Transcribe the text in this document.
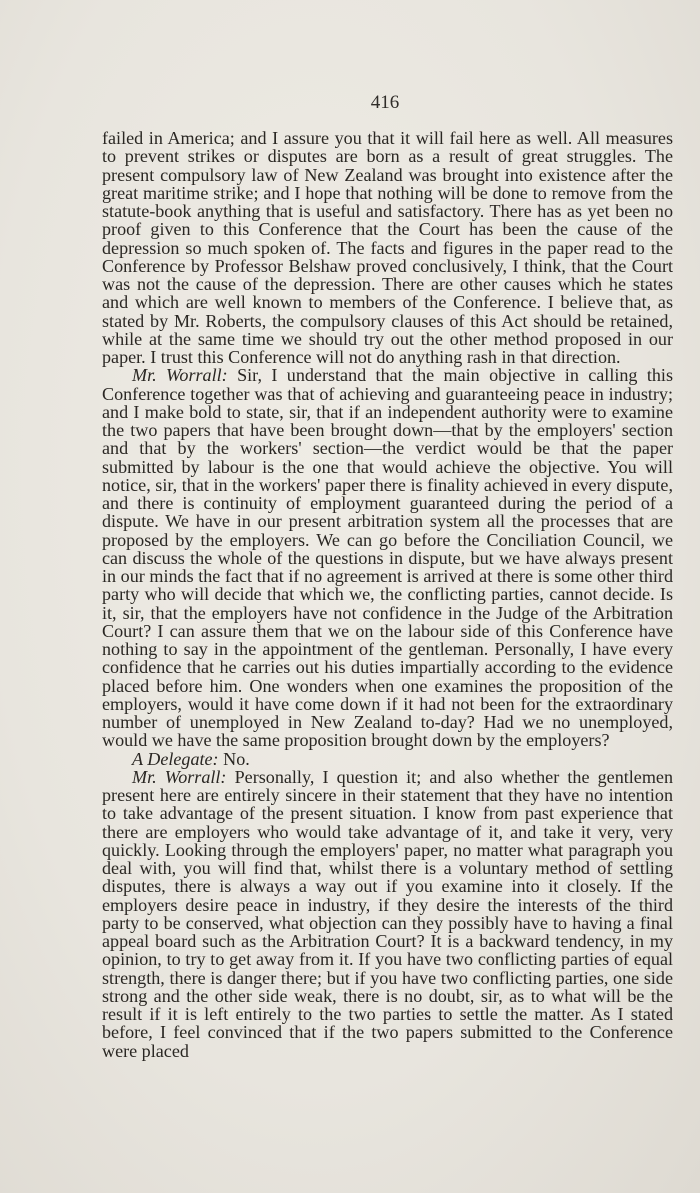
416

failed in America; and I assure you that it will fail here as well. All measures to prevent strikes or disputes are born as a result of great struggles. The present compulsory law of New Zealand was brought into existence after the great maritime strike; and I hope that nothing will be done to remove from the statute-book anything that is useful and satisfactory. There has as yet been no proof given to this Conference that the Court has been the cause of the depression so much spoken of. The facts and figures in the paper read to the Conference by Professor Belshaw proved conclusively, I think, that the Court was not the cause of the depression. There are other causes which he states and which are well known to members of the Conference. I believe that, as stated by Mr. Roberts, the compulsory clauses of this Act should be retained, while at the same time we should try out the other method proposed in our paper. I trust this Conference will not do anything rash in that direction.

Mr. Worrall: Sir, I understand that the main objective in calling this Conference together was that of achieving and guaranteeing peace in industry; and I make bold to state, sir, that if an independent authority were to examine the two papers that have been brought down—that by the employers' section and that by the workers' section—the verdict would be that the paper submitted by labour is the one that would achieve the objective. You will notice, sir, that in the workers' paper there is finality achieved in every dispute, and there is continuity of employment guaranteed during the period of a dispute. We have in our present arbitration system all the processes that are proposed by the employers. We can go before the Conciliation Council, we can discuss the whole of the questions in dispute, but we have always present in our minds the fact that if no agreement is arrived at there is some other third party who will decide that which we, the conflicting parties, cannot decide. Is it, sir, that the employers have not confidence in the Judge of the Arbitration Court? I can assure them that we on the labour side of this Conference have nothing to say in the appointment of the gentleman. Personally, I have every confidence that he carries out his duties impartially according to the evidence placed before him. One wonders when one examines the proposition of the employers, would it have come down if it had not been for the extraordinary number of unemployed in New Zealand to-day? Had we no unemployed, would we have the same proposition brought down by the employers?

A Delegate: No.

Mr. Worrall: Personally, I question it; and also whether the gentlemen present here are entirely sincere in their statement that they have no intention to take advantage of the present situation. I know from past experience that there are employers who would take advantage of it, and take it very, very quickly. Looking through the employers' paper, no matter what paragraph you deal with, you will find that, whilst there is a voluntary method of settling disputes, there is always a way out if you examine into it closely. If the employers desire peace in industry, if they desire the interests of the third party to be conserved, what objection can they possibly have to having a final appeal board such as the Arbitration Court? It is a backward tendency, in my opinion, to try to get away from it. If you have two conflicting parties of equal strength, there is danger there; but if you have two conflicting parties, one side strong and the other side weak, there is no doubt, sir, as to what will be the result if it is left entirely to the two parties to settle the matter. As I stated before, I feel convinced that if the two papers submitted to the Conference were placed
